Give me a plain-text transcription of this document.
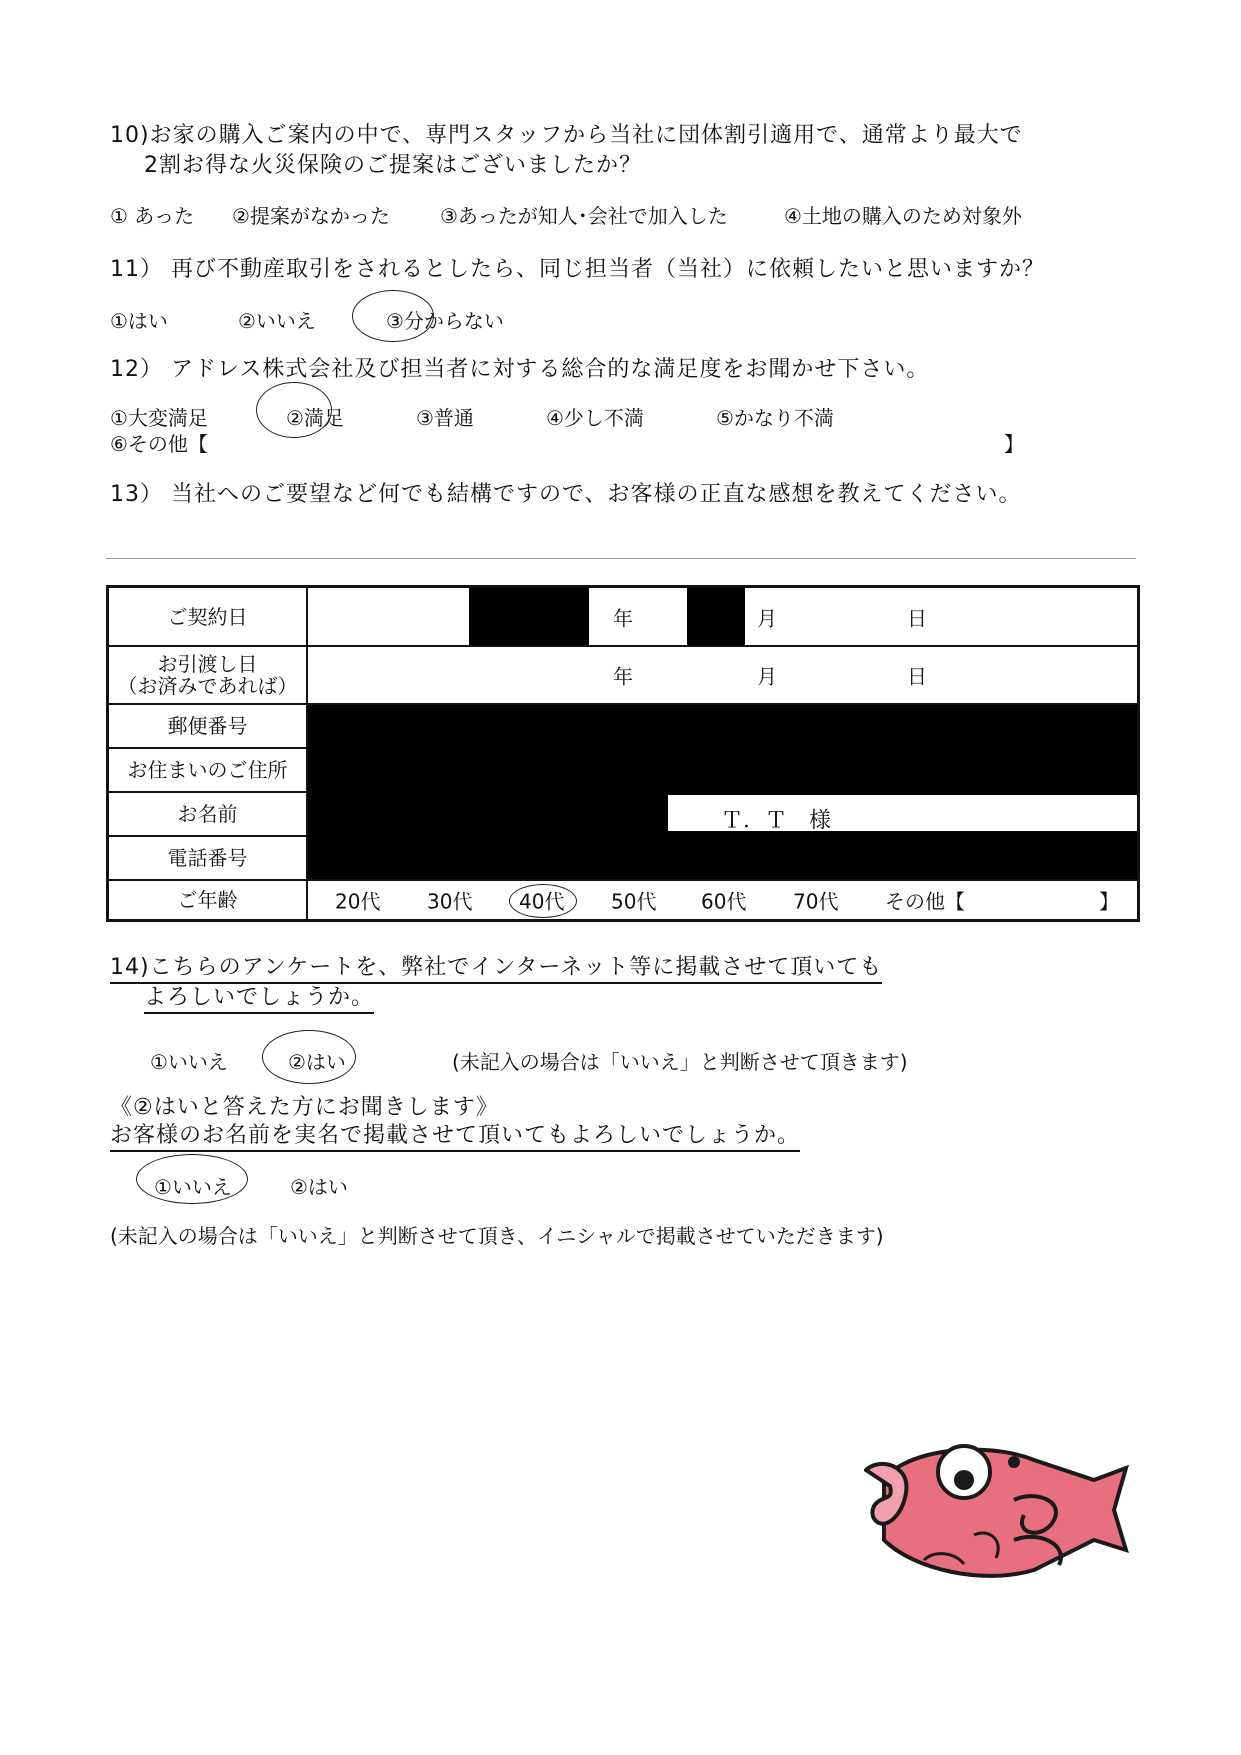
10)お家の購入ご案内の中で、専門スタッフから当社に団体割引適用で、通常より最大で
2割お得な火災保険のご提案はございましたか？
① あった ②提案がなかった	③あったが知人･会社で加入した	④土地の購入のため対象外
11） 再び不動産取引をされるとしたら、同じ担当者（当社）に依頼したいと思いますか？
①はい	②いいえ	③分からない
12） アドレス株式会社及び担当者に対する総合的な満足度をお聞かせ下さい。
①大変満足	②満足	③普通	④少し不満	⑤かなり不満
⑥その他【	】
13） 当社へのご要望など何でも結構ですので、お客様の正直な感想を教えてください。
ご契約日	年	月	日
お引渡し日
（お済みであれば）	年	月	日
郵便番号
お住まいのご住所
お名前	Ｔ．Ｔ　様
電話番号
ご年齢	20代 30代 40代 50代 60代 70代 その他【	】
14)こちらのアンケートを、弊社でインターネット等に掲載させて頂いても
よろしいでしょうか。
①いいえ	②はい	(未記入の場合は「いいえ」と判断させて頂きます)
《②はいと答えた方にお聞きします》
お客様のお名前を実名で掲載させて頂いてもよろしいでしょうか。
①いいえ	②はい
(未記入の場合は「いいえ」と判断させて頂き、イニシャルで掲載させていただきます)
